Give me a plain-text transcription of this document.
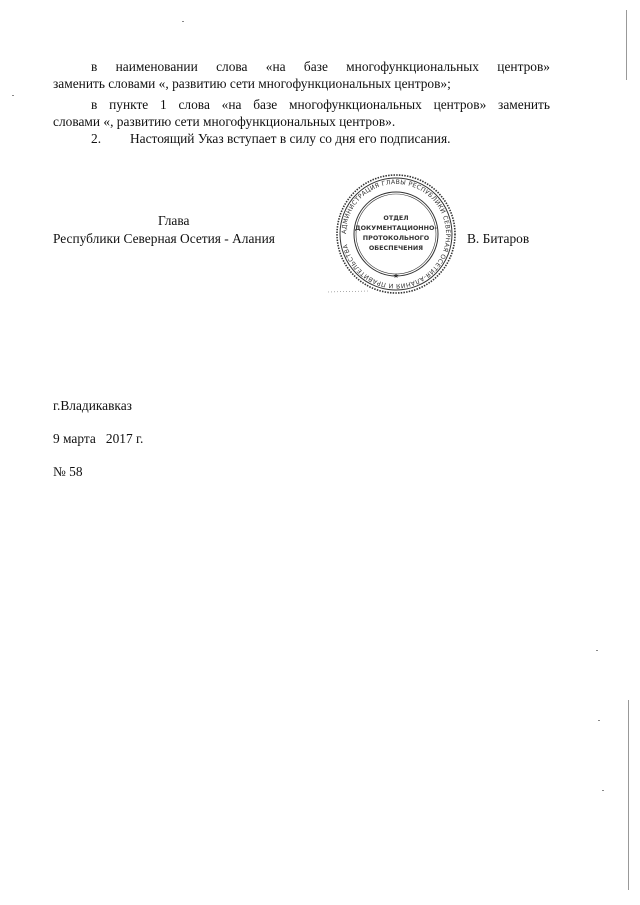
в наименовании слова «на базе многофункциональных центров»
заменить словами «, развитию сети многофункциональных центров»;
в пункте 1 слова «на базе многофункциональных центров» заменить
словами «, развитию сети многофункциональных центров».
2. Настоящий Указ вступает в силу со дня его подписания.
Глава
Республики Северная Осетия - Алания	АДМИНИСТРАЦИЯ ГЛАВЫ РЕСПУБЛИКИ СЕВЕРНАЯ ОСЕТИЯ-АЛАНИЯ И ПРАВИТЕЛЬСТВА
ОТДЕЛ
ДОКУМЕНТАЦИОННО-
ПРОТОКОЛЬНОГО
ОБЕСПЕЧЕНИЯ
★
В. Битаров
г.Владикавказ
9 марта   2017 г.
№ 58
